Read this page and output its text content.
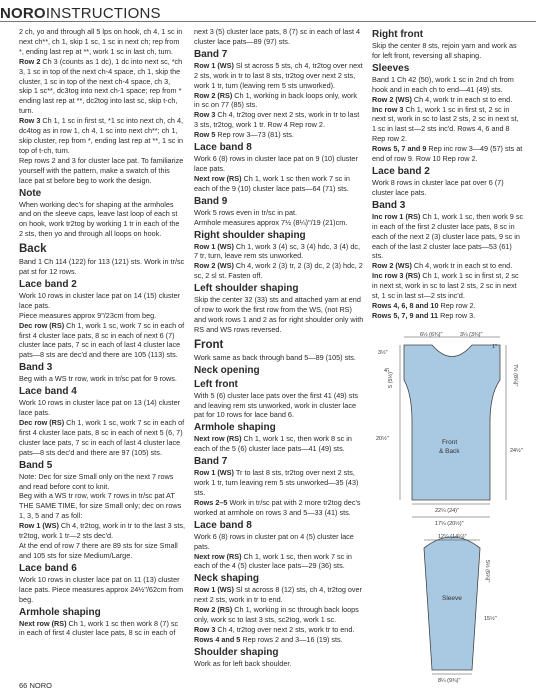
NOROINSTRUCTIONS
2 ch, yo and through all 5 lps on hook, ch 4, 1 sc in next ch**, ch 1, skip 1 sc, 1 sc in next ch; rep from *, ending last rep at **, work 1 sc in last ch, turn.
Row 2 Ch 3 (counts as 1 dc), 1 dc into next sc, *ch 3, 1 sc in top of the next ch-4 space, ch 1, skip the cluster, 1 sc in top of the next ch-4 space, ch 3, skip 1 sc**, dc3tog into next ch-1 space; rep from * ending last rep at **, dc2tog into last sc, skip t-ch, turn.
Row 3 Ch 1, 1 sc in first st, *1 sc into next ch, ch 4, dc4tog as in row 1, ch 4, 1 sc into next ch**; ch 1, skip cluster, rep from *, ending last rep at **, 1 sc in top of t-ch, turn.
Rep rows 2 and 3 for cluster lace pat. To familiarize yourself with the pattern, make a swatch of this lace pat st before beg to work the design.
Note
When working dec's for shaping at the armholes and on the sleeve caps, leave last loop of each st on hook, work tr2tog by working 1 tr in each of the 2 sts, then yo and through all loops on hook.
Back
Band 1 Ch 114 (122) for 113 (121) sts. Work in tr/sc pat st for 12 rows.
Lace band 2
Work 10 rows in cluster lace pat on 14 (15) cluster lace pats.
Piece measures approx 9"/23cm from beg.
Dec row (RS) Ch 1, work 1 sc, work 7 sc in each of first 4 cluster lace pats, 8 sc in each of next 6 (7) cluster lace pats, 7 sc in each of last 4 cluster lace pats—8 sts are dec'd and there are 105 (113) sts.
Band 3
Beg with a WS tr row, work in tr/sc pat for 9 rows.
Lace band 4
Work 10 rows in cluster lace pat on 13 (14) cluster lace pats.
Dec row (RS) Ch 1, work 1 sc, work 7 sc in each of first 4 cluster lace pats, 8 sc in each of next 5 (6, 7) cluster lace pats, 7 sc in each of last 4 cluster lace pats—8 sts dec'd and there are 97 (105) sts.
Band 5
Note: Dec for size Small only on the next 7 rows and read before cont to knit.
Beg with a WS tr row, work 7 rows in tr/sc pat AT THE SAME TIME, for size Small only; dec on rows 1, 3, 5 and 7 as foll:
Row 1 (WS) Ch 4, tr2tog, work in tr to the last 3 sts, tr2tog, work 1 tr—2 sts dec'd.
At the end of row 7 there are 89 sts for size Small and 105 sts for size Medium/Large.
Lace band 6
Work 10 rows in cluster lace pat on 11 (13) cluster lace pats. Piece measures approx 24½"/62cm from beg.
Armhole shaping
Next row (RS) Ch 1, work 1 sc then work 8 (7) sc in each of first 4 cluster lace pats, 8 sc in each of
next 3 (5) cluster lace pats, 8 (7) sc in each of last 4 cluster lace pats—89 (97) sts.
Band 7
Row 1 (WS) Sl st across 5 sts, ch 4, tr2tog over next 2 sts, work in tr to last 8 sts, tr2tog over next 2 sts, work 1 tr, turn (leaving rem 5 sts unworked).
Row 2 (RS) Ch 1, working in back loops only, work in sc on 77 (85) sts.
Row 3 Ch 4, tr2tog over next 2 sts, work in tr to last 3 sts, tr2tog, work 1 tr. Row 4 Rep row 2.
Row 5 Rep row 3—73 (81) sts.
Lace band 8
Work 6 (8) rows in cluster lace pat on 9 (10) cluster lace pats.
Next row (RS) Ch 1, work 1 sc then work 7 sc in each of the 9 (10) cluster lace pats—64 (71) sts.
Band 9
Work 5 rows even in tr/sc in pat.
Armhole measures approx 7½ (8¼)"/19 (21)cm.
Right shoulder shaping
Row 1 (WS) Ch 1, work 3 (4) sc, 3 (4) hdc, 3 (4) dc, 7 tr, turn, leave rem sts unworked.
Row 2 (WS) Ch 4, work 2 (3) tr, 2 (3) dc, 2 (3) hdc, 2 sc, 2 sl st. Fasten off.
Left shoulder shaping
Skip the center 32 (33) sts and attached yarn at end of row to work the first row from the WS, (not RS) and work rows 1 and 2 as for right shoulder only with RS and WS rows reversed.
Front
Work same as back through band 5—89 (105) sts.
Neck opening
Left front
With 5 (6) cluster lace pats over the first 41 (49) sts and leaving rem sts unworked, work in cluster lace pat for 10 rows for lace band 6.
Armhole shaping
Next row (RS) Ch 1, work 1 sc, then work 8 sc in each of the 5 (6) cluster lace pats—41 (49) sts.
Band 7
Row 1 (WS) Tr to last 8 sts, tr2tog over next 2 sts, work 1 tr, turn leaving rem 5 sts unworked—35 (43) sts.
Rows 2–5 Work in tr/sc pat with 2 more tr2tog dec's worked at armhole on rows 3 and 5—33 (41) sts.
Lace band 8
Work 6 (8) rows in cluster pat on 4 (5) cluster lace pats.
Next row (RS) Ch 1, work 1 sc, then work 7 sc in each of the 4 (5) cluster lace pats—29 (36) sts.
Neck shaping
Row 1 (WS) Sl st across 8 (12) sts, ch 4, tr2tog over next 2 sts, work in tr to end.
Row 2 (RS) Ch 1, working in sc through back loops only, work sc to last 3 sts, sc2tog, work 1 sc.
Row 3 Ch 4, tr2tog over next 2 sts, work tr to end.
Rows 4 and 5 Rep rows 2 and 3—16 (19) sts.
Shoulder shaping
Work as for left back shoulder.
Right front
Skip the center 8 sts, rejoin yarn and work as for left front, reversing all shaping.
Sleeves
Band 1 Ch 42 (50), work 1 sc in 2nd ch from hook and in each ch to end—41 (49) sts.
Row 2 (WS) Ch 4, work tr in each st to end.
Inc row 3 Ch 1, work 1 sc in first st, 2 sc in next st, work in sc to last 2 sts, 2 sc in next st, 1 sc in last st—2 sts inc'd. Rows 4, 6 and 8 Rep row 2.
Rows 5, 7 and 9 Rep inc row 3—49 (57) sts at end of row 9. Row 10 Rep row 2.
Lace band 2
Work 8 rows in cluster lace pat over 6 (7) cluster lace pats.
Band 3
Inc row 1 (RS) Ch 1, work 1 sc, then work 9 sc in each of the first 2 cluster lace pats, 8 sc in each of the next 2 (3) cluster lace pats, 9 sc in each of the last 2 cluster lace pats—53 (61) sts.
Row 2 (WS) Ch 4, work tr in each st to end.
Inc row 3 (RS) Ch 1, work 1 sc in first st, 2 sc in next st, work in sc to last 2 sts, 2 sc in next st, 1 sc in last st—2 sts inc'd.
Rows 4, 6, 8 and 10 Rep row 2.
Rows 5, 7, 9 and 11 Rep row 3.
6½ (6¾)"	3¼ (3¾)"
1"
3½"
4"
5 (5½)"	7½ (8¼)"
24½"
20½"	Front
& Back
22¼ (24)"
17¼ (20½)"
12¼ (14¼)"
5½ (6¼)"
15½"
Sleeve
8¼ (9¾)"
66 NORO
